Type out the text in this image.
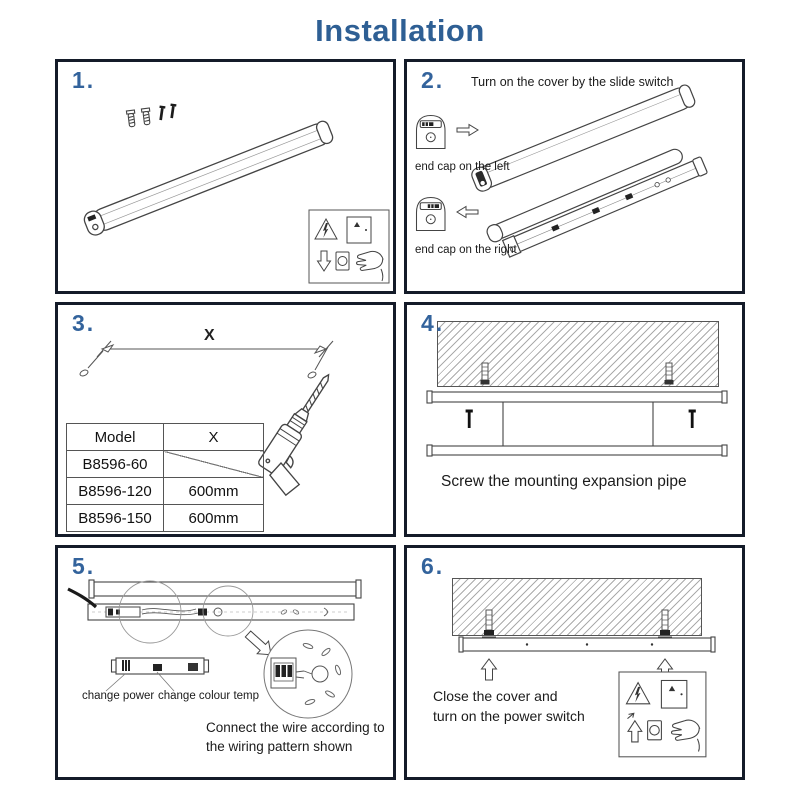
Installation
1.	2. Turn on the cover by the slide switch
end cap on the left
end cap on the right
3.	X
Model	X
B8596-60	
B8596-120	600mm
B8596-150	600mm
4.
Screw the mounting expansion pipe
5.
change power change colour temp
Connect the wire according to
the wiring pattern shown
6.
Close the cover and
turn on the power switch
